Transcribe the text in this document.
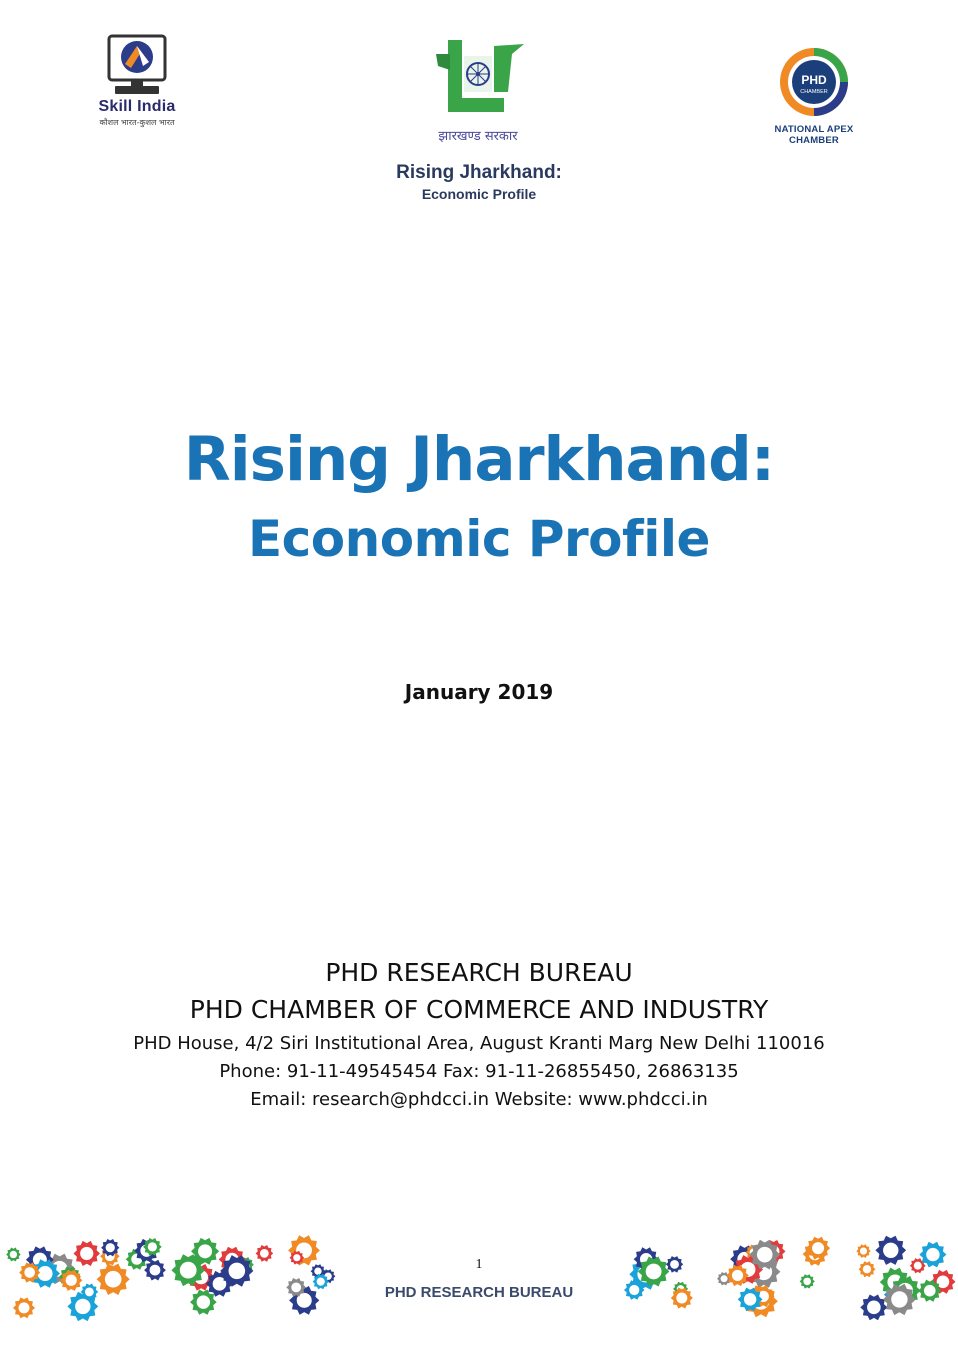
Skill India
कौशल भारत-कुशल भारत
झारखण्ड सरकार
PHD
CHAMBER
NATIONAL APEX CHAMBER
Rising Jharkhand:
Economic Profile
Rising Jharkhand:
Economic Profile
January 2019
PHD RESEARCH BUREAU
PHD CHAMBER OF COMMERCE AND INDUSTRY
PHD House, 4/2 Siri Institutional Area, August Kranti Marg New Delhi 110016
Phone: 91-11-49545454 Fax: 91-11-26855450, 26863135
Email: research@phdcci.in Website: www.phdcci.in
1
PHD RESEARCH BUREAU
